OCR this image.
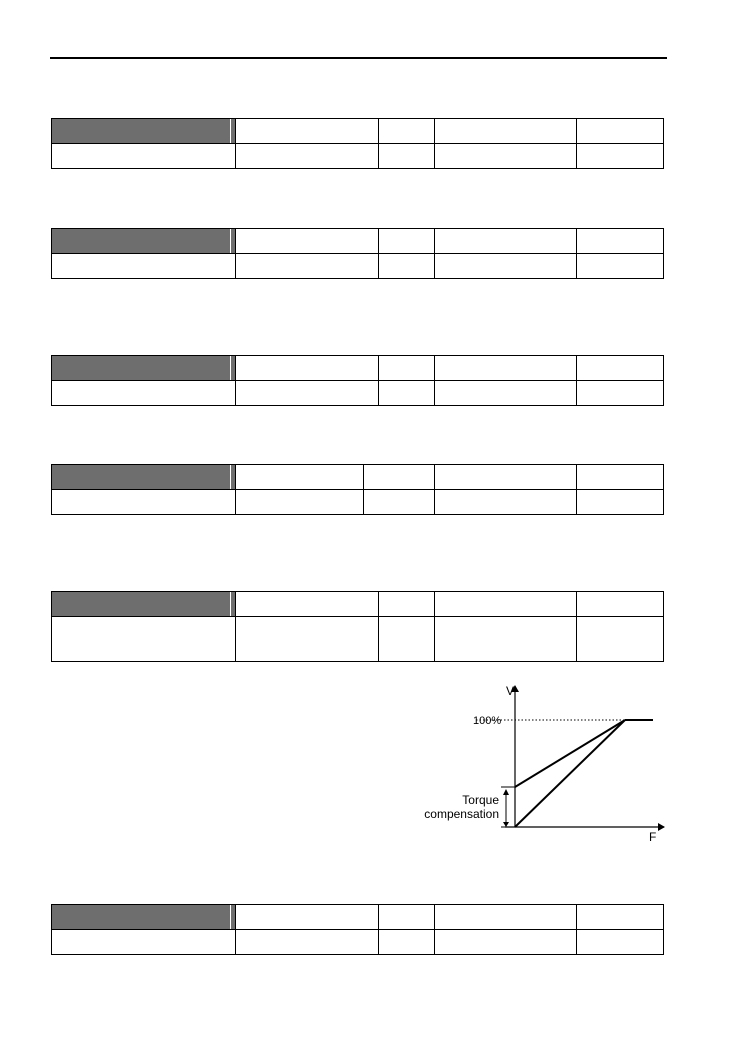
V
F
100%
Torque
compensation
